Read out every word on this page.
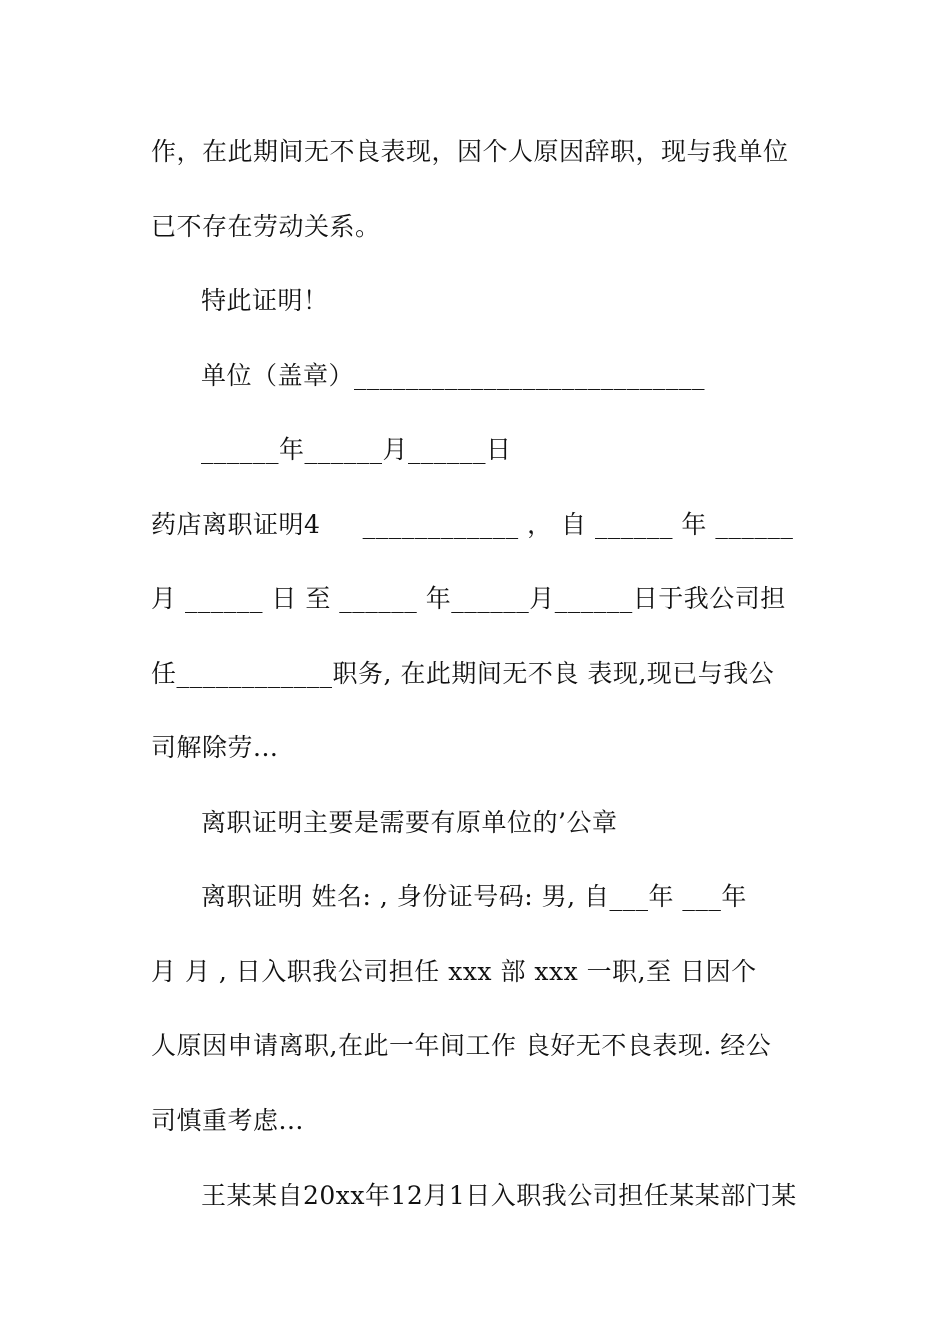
作，在此期间无不良表现，因个人原因辞职，现与我单位
已不存在劳动关系。
特此证明！
单位（盖章）___________________________
______年______月______日
药店离职证明4     ____________ ， 自 ______ 年 ______
月 ______ 日 至 ______ 年______月______日于我公司担
任____________职务, 在此期间无不良 表现,现已与我公
司解除劳...
离职证明主要是需要有原单位的’公章
离职证明 姓名: , 身份证号码: 男, 自___年 ___年
月 月 , 日入职我公司担任 xxx 部 xxx 一职,至 日因个
人原因申请离职,在此一年间工作 良好无不良表现. 经公
司慎重考虑...
王某某自20xx年12月1日入职我公司担任某某部门某
